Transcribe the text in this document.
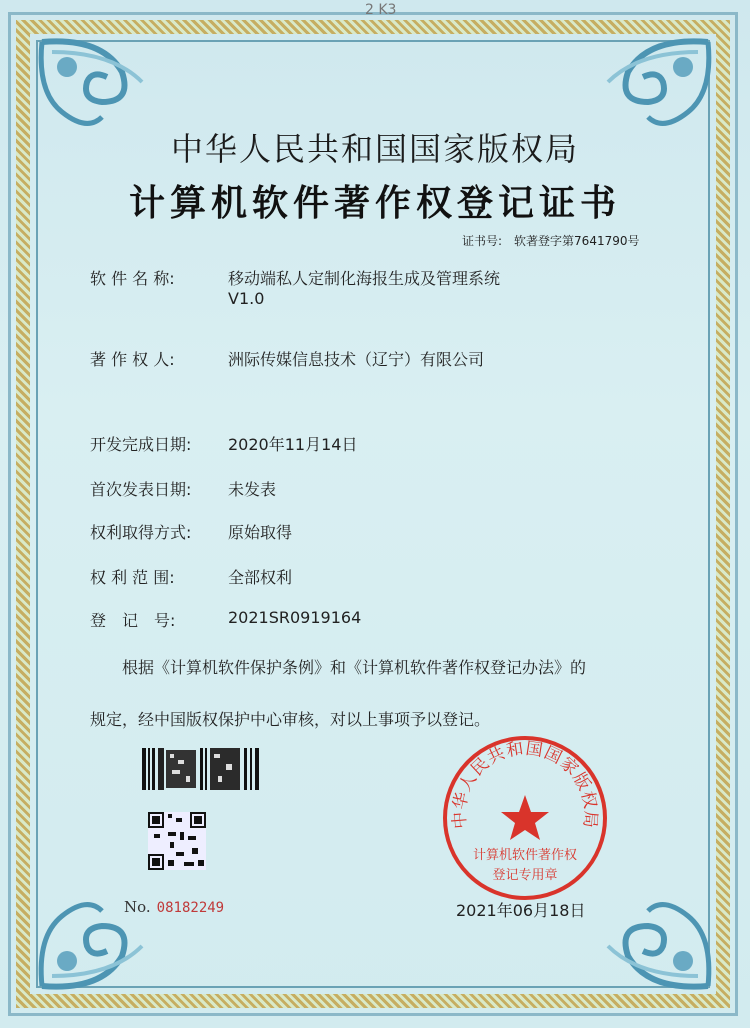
2 K3
中华人民共和国国家版权局
计算机软件著作权登记证书
证书号: 软著登字第7641790号
软 件 名 称:	移动端私人定制化海报生成及管理系统
V1.0
著 作 权 人:	洲际传媒信息技术（辽宁）有限公司
开发完成日期: 2020年11月14日
首次发表日期: 未发表
权利取得方式: 原始取得
权 利 范 围:	全部权利
登　记　号:	2021SR0919164

根据《计算机软件保护条例》和《计算机软件著作权登记办法》的

规定，经中国版权保护中心审核，对以上事项予以登记。

No. 08182249
中华人民共和国国家版权局
计算机软件著作权
登记专用章
2021年06月18日
